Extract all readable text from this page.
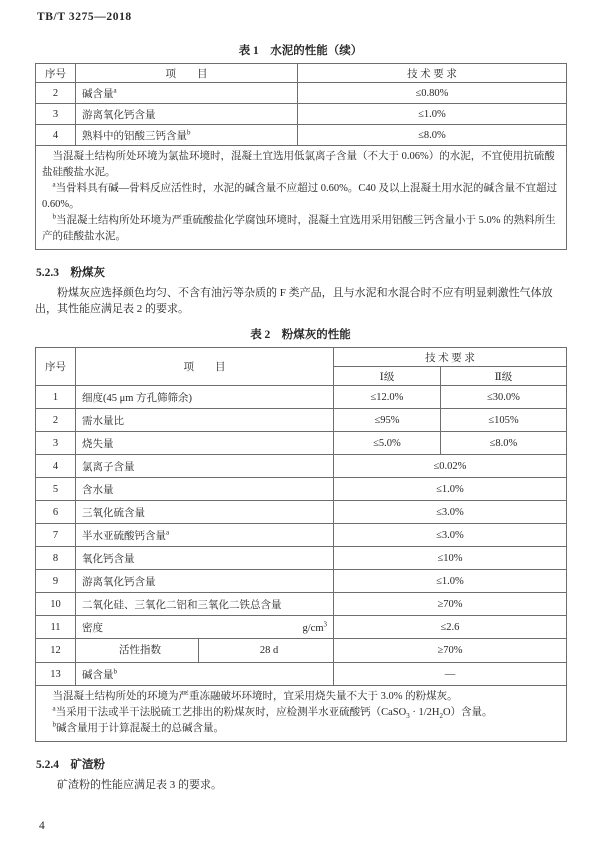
TB/T 3275—2018
表 1　水泥的性能（续）
序号	项　　目	技 术 要 求
2	碱含量$^a$	≤0.80%
3	游离氧化钙含量	≤1.0%
4	熟料中的铝酸三钙含量$^b$	≤8.0%

当混凝土结构所处环境为氯盐环境时，混凝土宜选用低氯离子含量（不大于 0.06%）的水泥，不宜使用抗硫酸盐硅酸盐水泥。

$^a$当骨料具有碱—骨料反应活性时，水泥的碱含量不应超过 0.60%。C40 及以上混凝土用水泥的碱含量不宜超过 0.60%。

$^b$当混凝土结构所处环境为严重硫酸盐化学腐蚀环境时，混凝土宜选用采用铝酸三钙含量小于 5.0% 的熟料所生产的硅酸盐水泥。		

5.2.3　粉煤灰

粉煤灰应选择颜色均匀、不含有油污等杂质的 F 类产品，且与水泥和水混合时不应有明显刺激性气体放出，其性能应满足表 2 的要求。

表 2　粉煤灰的性能
序号	项　　目	技 术 要 求	
		Ⅰ级	Ⅱ级
1	细度(45 μm 方孔筛筛余)	≤12.0%	≤30.0%
2	需水量比	≤95%	≤105%
3	烧失量	≤5.0%	≤8.0%
4	氯离子含量	≤0.02%	
5	含水量	≤1.0%	
6	三氧化硫含量	≤3.0%	
7	半水亚硫酸钙含量$^a$	≤3.0%	
8	氧化钙含量	≤10%	
9	游离氧化钙含量	≤1.0%	
10	二氧化硅、三氧化二铝和三氧化二铁总含量	≥70%	
11	密度 $g/cm^3$	≤2.6	
12	活性指数 28 d	≥70%	
13	碱含量$^b$	—	

当混凝土结构所处的环境为严重冻融破坏环境时，宜采用烧失量不大于 3.0% 的粉煤灰。

$^a$当采用干法或半干法脱硫工艺排出的粉煤灰时，应检测半水亚硫酸钙（CaSO$_3$ · $1/2H_2O$）含量。

$^b$碱含量用于计算混凝土的总碱含量。			

5.2.4　矿渣粉

矿渣粉的性能应满足表 3 的要求。

4
